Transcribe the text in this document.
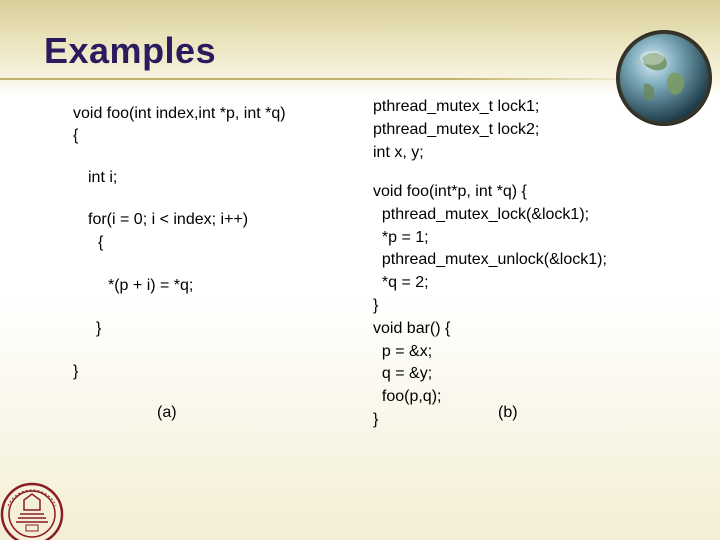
Examples
void foo(int index,int *p, int *q)
{
int i;
for(i = 0; i < index; i++)
{
*(p + i) = *q;
}
}
(a)
pthread_mutex_t lock1;
pthread_mutex_t lock2;
int x, y;
void foo(int*p, int *q) {
pthread_mutex_lock(&lock1);
*p = 1;
pthread_mutex_unlock(&lock1);
*q = 2;
}
void bar() {
p = &x;
q = &y;
foo(p,q);
}	(b)
